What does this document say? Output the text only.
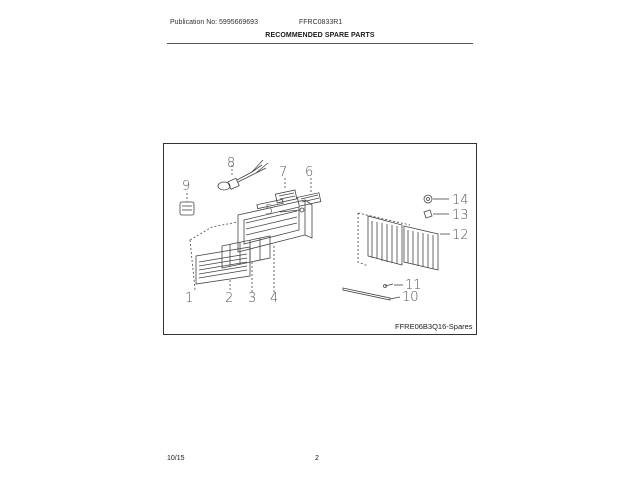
Publication No: 5995669693	FFRC0833R1
RECOMMENDED SPARE PARTS
9
8
7 6
5
1 2 3 4
14
13
12
11
10
FFRE06B3Q16-Spares
10/15	2
